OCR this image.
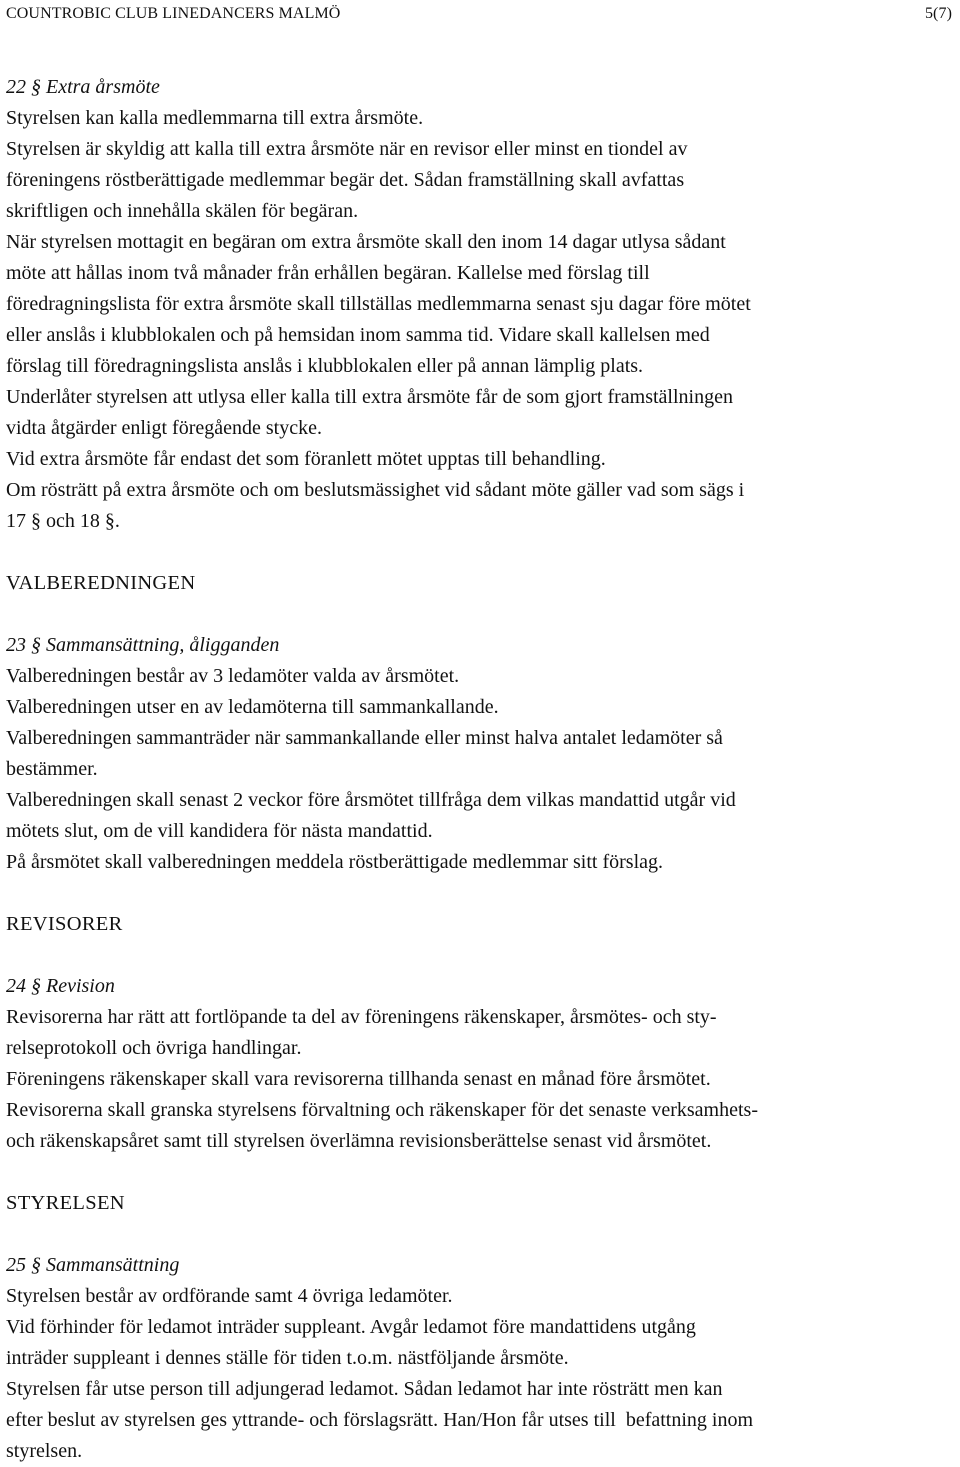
COUNTROBIC CLUB LINEDANCERS MALMÖ	5(7)
22 § Extra årsmöte
Styrelsen kan kalla medlemmarna till extra årsmöte.
Styrelsen är skyldig att kalla till extra årsmöte när en revisor eller minst en tiondel av
föreningens röstberättigade medlemmar begär det. Sådan framställning skall avfattas
skriftligen och innehålla skälen för begäran.
När styrelsen mottagit en begäran om extra årsmöte skall den inom 14 dagar utlysa sådant
möte att hållas inom två månader från erhållen begäran. Kallelse med förslag till
föredragningslista för extra årsmöte skall tillställas medlemmarna senast sju dagar före mötet
eller anslås i klubblokalen och på hemsidan inom samma tid. Vidare skall kallelsen med
förslag till föredragningslista anslås i klubblokalen eller på annan lämplig plats.
Underlåter styrelsen att utlysa eller kalla till extra årsmöte får de som gjort framställningen
vidta åtgärder enligt föregående stycke.
Vid extra årsmöte får endast det som föranlett mötet upptas till behandling.
Om rösträtt på extra årsmöte och om beslutsmässighet vid sådant möte gäller vad som sägs i
17 § och 18 §.
VALBEREDNINGEN
23 § Sammansättning, åligganden
Valberedningen består av 3 ledamöter valda av årsmötet.
Valberedningen utser en av ledamöterna till sammankallande.
Valberedningen sammanträder när sammankallande eller minst halva antalet ledamöter så
bestämmer.
Valberedningen skall senast 2 veckor före årsmötet tillfråga dem vilkas mandattid utgår vid
mötets slut, om de vill kandidera för nästa mandattid.
På årsmötet skall valberedningen meddela röstberättigade medlemmar sitt förslag.
REVISORER
24 § Revision
Revisorerna har rätt att fortlöpande ta del av föreningens räkenskaper, årsmötes- och sty-
relseprotokoll och övriga handlingar.
Föreningens räkenskaper skall vara revisorerna tillhanda senast en månad före årsmötet.
Revisorerna skall granska styrelsens förvaltning och räkenskaper för det senaste verksamhets-
och räkenskapsåret samt till styrelsen överlämna revisionsberättelse senast vid årsmötet.
STYRELSEN
25 § Sammansättning
Styrelsen består av ordförande samt 4 övriga ledamöter.
Vid förhinder för ledamot inträder suppleant. Avgår ledamot före mandattidens utgång
inträder suppleant i dennes ställe för tiden t.o.m. nästföljande årsmöte.
Styrelsen får utse person till adjungerad ledamot. Sådan ledamot har inte rösträtt men kan
efter beslut av styrelsen ges yttrande- och förslagsrätt. Han/Hon får utses till  befattning inom
styrelsen.
